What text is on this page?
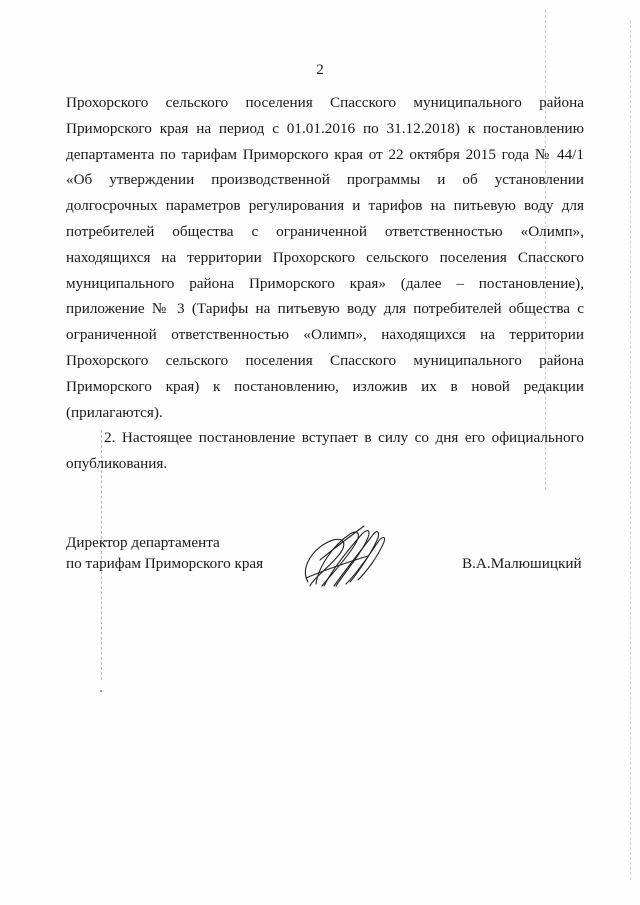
2
Прохорского сельского поселения Спасского муниципального района
Приморского края на период с 01.01.2016 по 31.12.2018) к постановлению
департамента по тарифам Приморского края от 22 октября 2015 года № 44/1
«Об утверждении производственной программы и об установлении
долгосрочных параметров регулирования и тарифов на питьевую воду для
потребителей общества с ограниченной ответственностью «Олимп»,
находящихся на территории Прохорского сельского поселения Спасского
муниципального района Приморского края» (далее – постановление),
приложение № 3 (Тарифы на питьевую воду для потребителей общества с
ограниченной ответственностью «Олимп», находящихся на территории
Прохорского сельского поселения Спасского муниципального района
Приморского края) к постановлению, изложив их в новой редакции
(прилагаются).
2. Настоящее постановление вступает в силу со дня его официального
опубликования.
Директор департамента
по тарифам Приморского края	В.А.Малюшицкий
